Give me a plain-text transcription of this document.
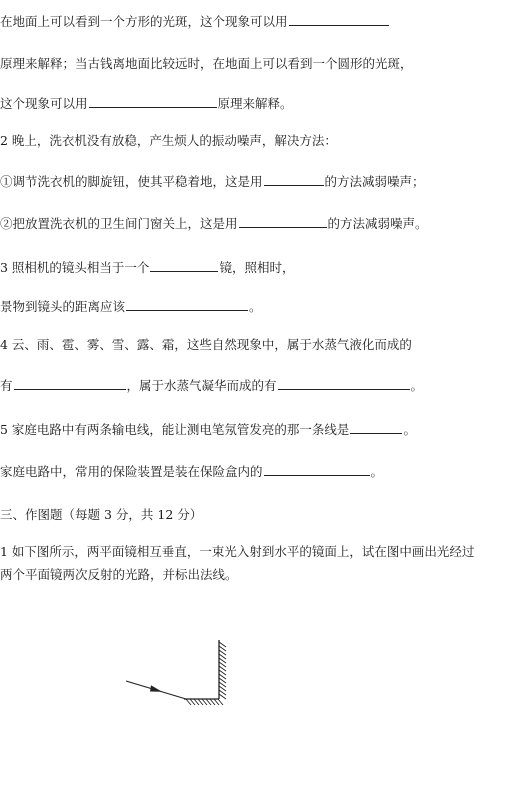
在地面上可以看到一个方形的光斑，这个现象可以用
原理来解释；当古钱离地面比较远时，在地面上可以看到一个圆形的光斑，
这个现象可以用	原理来解释。
2 晚上，洗衣机没有放稳，产生烦人的振动噪声，解决方法：
①调节洗衣机的脚旋钮，使其平稳着地，这是用	的方法减弱噪声；
②把放置洗衣机的卫生间门窗关上，这是用	的方法减弱噪声。
3 照相机的镜头相当于一个	镜，照相时，
景物到镜头的距离应该	。
4 云、雨、雹、雾、雪、露、霜，这些自然现象中，属于水蒸气液化而成的
有	，属于水蒸气凝华而成的有	。
5 家庭电路中有两条输电线，能让测电笔氖管发亮的那一条线是	。
家庭电路中，常用的保险装置是装在保险盒内的	。
三、作图题（每题 3 分，共 12 分）
1 如下图所示，两平面镜相互垂直，一束光入射到水平的镜面上，试在图中画出光经过
两个平面镜两次反射的光路，并标出法线。
